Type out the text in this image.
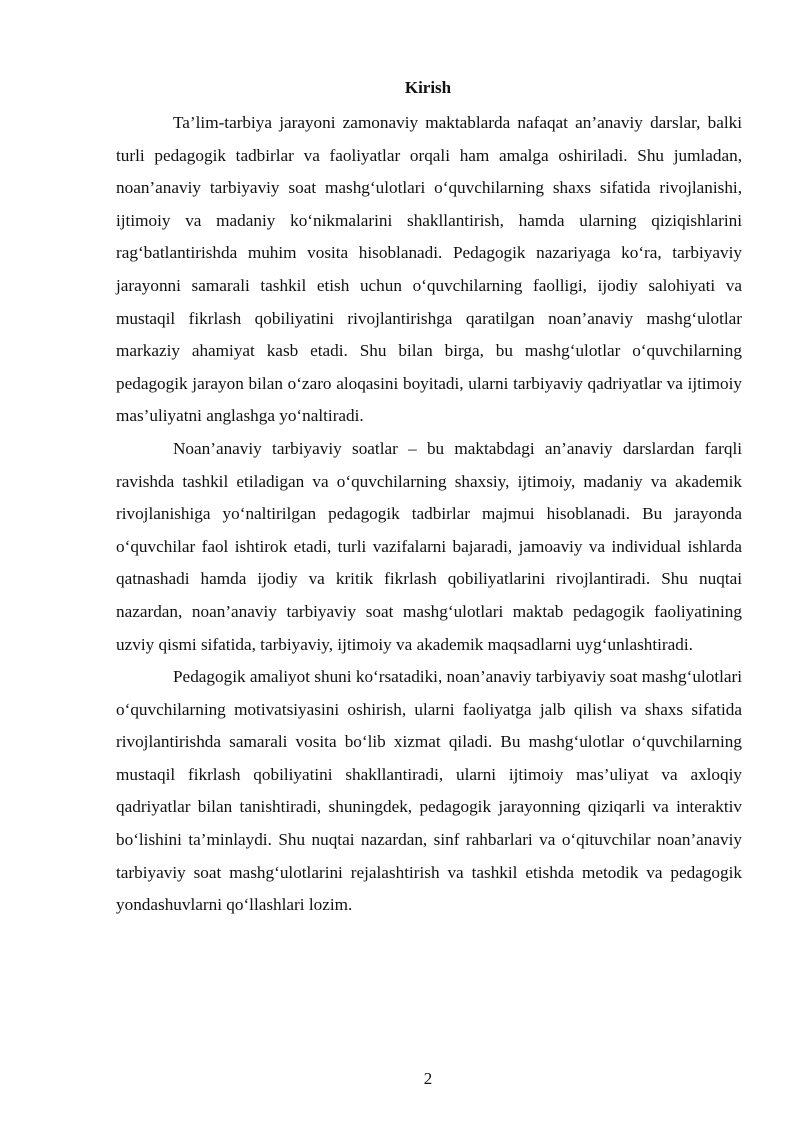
Kirish

Ta’lim-tarbiya jarayoni zamonaviy maktablarda nafaqat an’anaviy darslar, balki turli pedagogik tadbirlar va faoliyatlar orqali ham amalga oshiriladi. Shu jumladan, noan’anaviy tarbiyaviy soat mashg‘ulotlari o‘quvchilarning shaxs sifatida rivojlanishi, ijtimoiy va madaniy ko‘nikmalarini shakllantirish, hamda ularning qiziqishlarini rag‘batlantirishda muhim vosita hisoblanadi. Pedagogik nazariyaga ko‘ra, tarbiyaviy jarayonni samarali tashkil etish uchun o‘quvchilarning faolligi, ijodiy salohiyati va mustaqil fikrlash qobiliyatini rivojlantirishga qaratilgan noan’anaviy mashg‘ulotlar markaziy ahamiyat kasb etadi. Shu bilan birga, bu mashg‘ulotlar o‘quvchilarning pedagogik jarayon bilan o‘zaro aloqasini boyitadi, ularni tarbiyaviy qadriyatlar va ijtimoiy mas’uliyatni anglashga yo‘naltiradi.

Noan’anaviy tarbiyaviy soatlar – bu maktabdagi an’anaviy darslardan farqli ravishda tashkil etiladigan va o‘quvchilarning shaxsiy, ijtimoiy, madaniy va akademik rivojlanishiga yo‘naltirilgan pedagogik tadbirlar majmui hisoblanadi. Bu jarayonda o‘quvchilar faol ishtirok etadi, turli vazifalarni bajaradi, jamoaviy va individual ishlarda qatnashadi hamda ijodiy va kritik fikrlash qobiliyatlarini rivojlantiradi. Shu nuqtai nazardan, noan’anaviy tarbiyaviy soat mashg‘ulotlari maktab pedagogik faoliyatining uzviy qismi sifatida, tarbiyaviy, ijtimoiy va akademik maqsadlarni uyg‘unlashtiradi.

Pedagogik amaliyot shuni ko‘rsatadiki, noan’anaviy tarbiyaviy soat mashg‘ulotlari o‘quvchilarning motivatsiyasini oshirish, ularni faoliyatga jalb qilish va shaxs sifatida rivojlantirishda samarali vosita bo‘lib xizmat qiladi. Bu mashg‘ulotlar o‘quvchilarning mustaqil fikrlash qobiliyatini shakllantiradi, ularni ijtimoiy mas’uliyat va axloqiy qadriyatlar bilan tanishtiradi, shuningdek, pedagogik jarayonning qiziqarli va interaktiv bo‘lishini ta’minlaydi. Shu nuqtai nazardan, sinf rahbarlari va o‘qituvchilar noan’anaviy tarbiyaviy soat mashg‘ulotlarini rejalashtirish va tashkil etishda metodik va pedagogik yondashuvlarni qo‘llashlari lozim.

2
